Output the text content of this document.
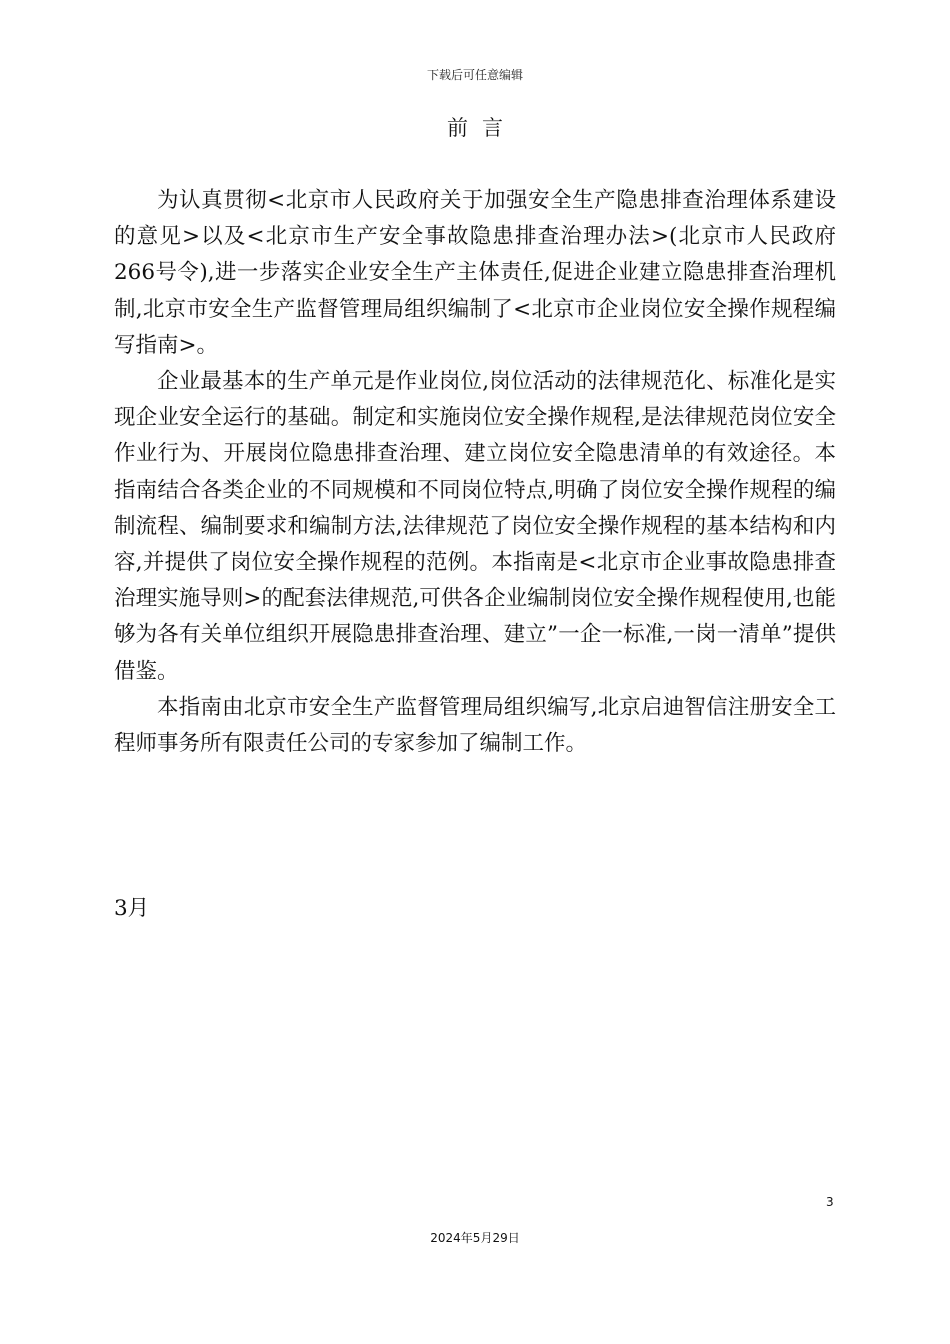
下载后可任意编辑
前言

为认真贯彻<北京市人民政府关于加强安全生产隐患排查治理体系建设的意见>以及<北京市生产安全事故隐患排查治理办法>(北京市人民政府266号令),进一步落实企业安全生产主体责任,促进企业建立隐患排查治理机制,北京市安全生产监督管理局组织编制了<北京市企业岗位安全操作规程编写指南>。

企业最基本的生产单元是作业岗位,岗位活动的法律规范化、标准化是实现企业安全运行的基础。制定和实施岗位安全操作规程,是法律规范岗位安全作业行为、开展岗位隐患排查治理、建立岗位安全隐患清单的有效途径。本指南结合各类企业的不同规模和不同岗位特点,明确了岗位安全操作规程的编制流程、编制要求和编制方法,法律规范了岗位安全操作规程的基本结构和内容,并提供了岗位安全操作规程的范例。本指南是<北京市企业事故隐患排查治理实施导则>的配套法律规范,可供各企业编制岗位安全操作规程使用,也能够为各有关单位组织开展隐患排查治理、建立”一企一标准,一岗一清单”提供借鉴。

本指南由北京市安全生产监督管理局组织编写,北京启迪智信注册安全工程师事务所有限责任公司的专家参加了编制工作。

3月
3
2024年5月29日
